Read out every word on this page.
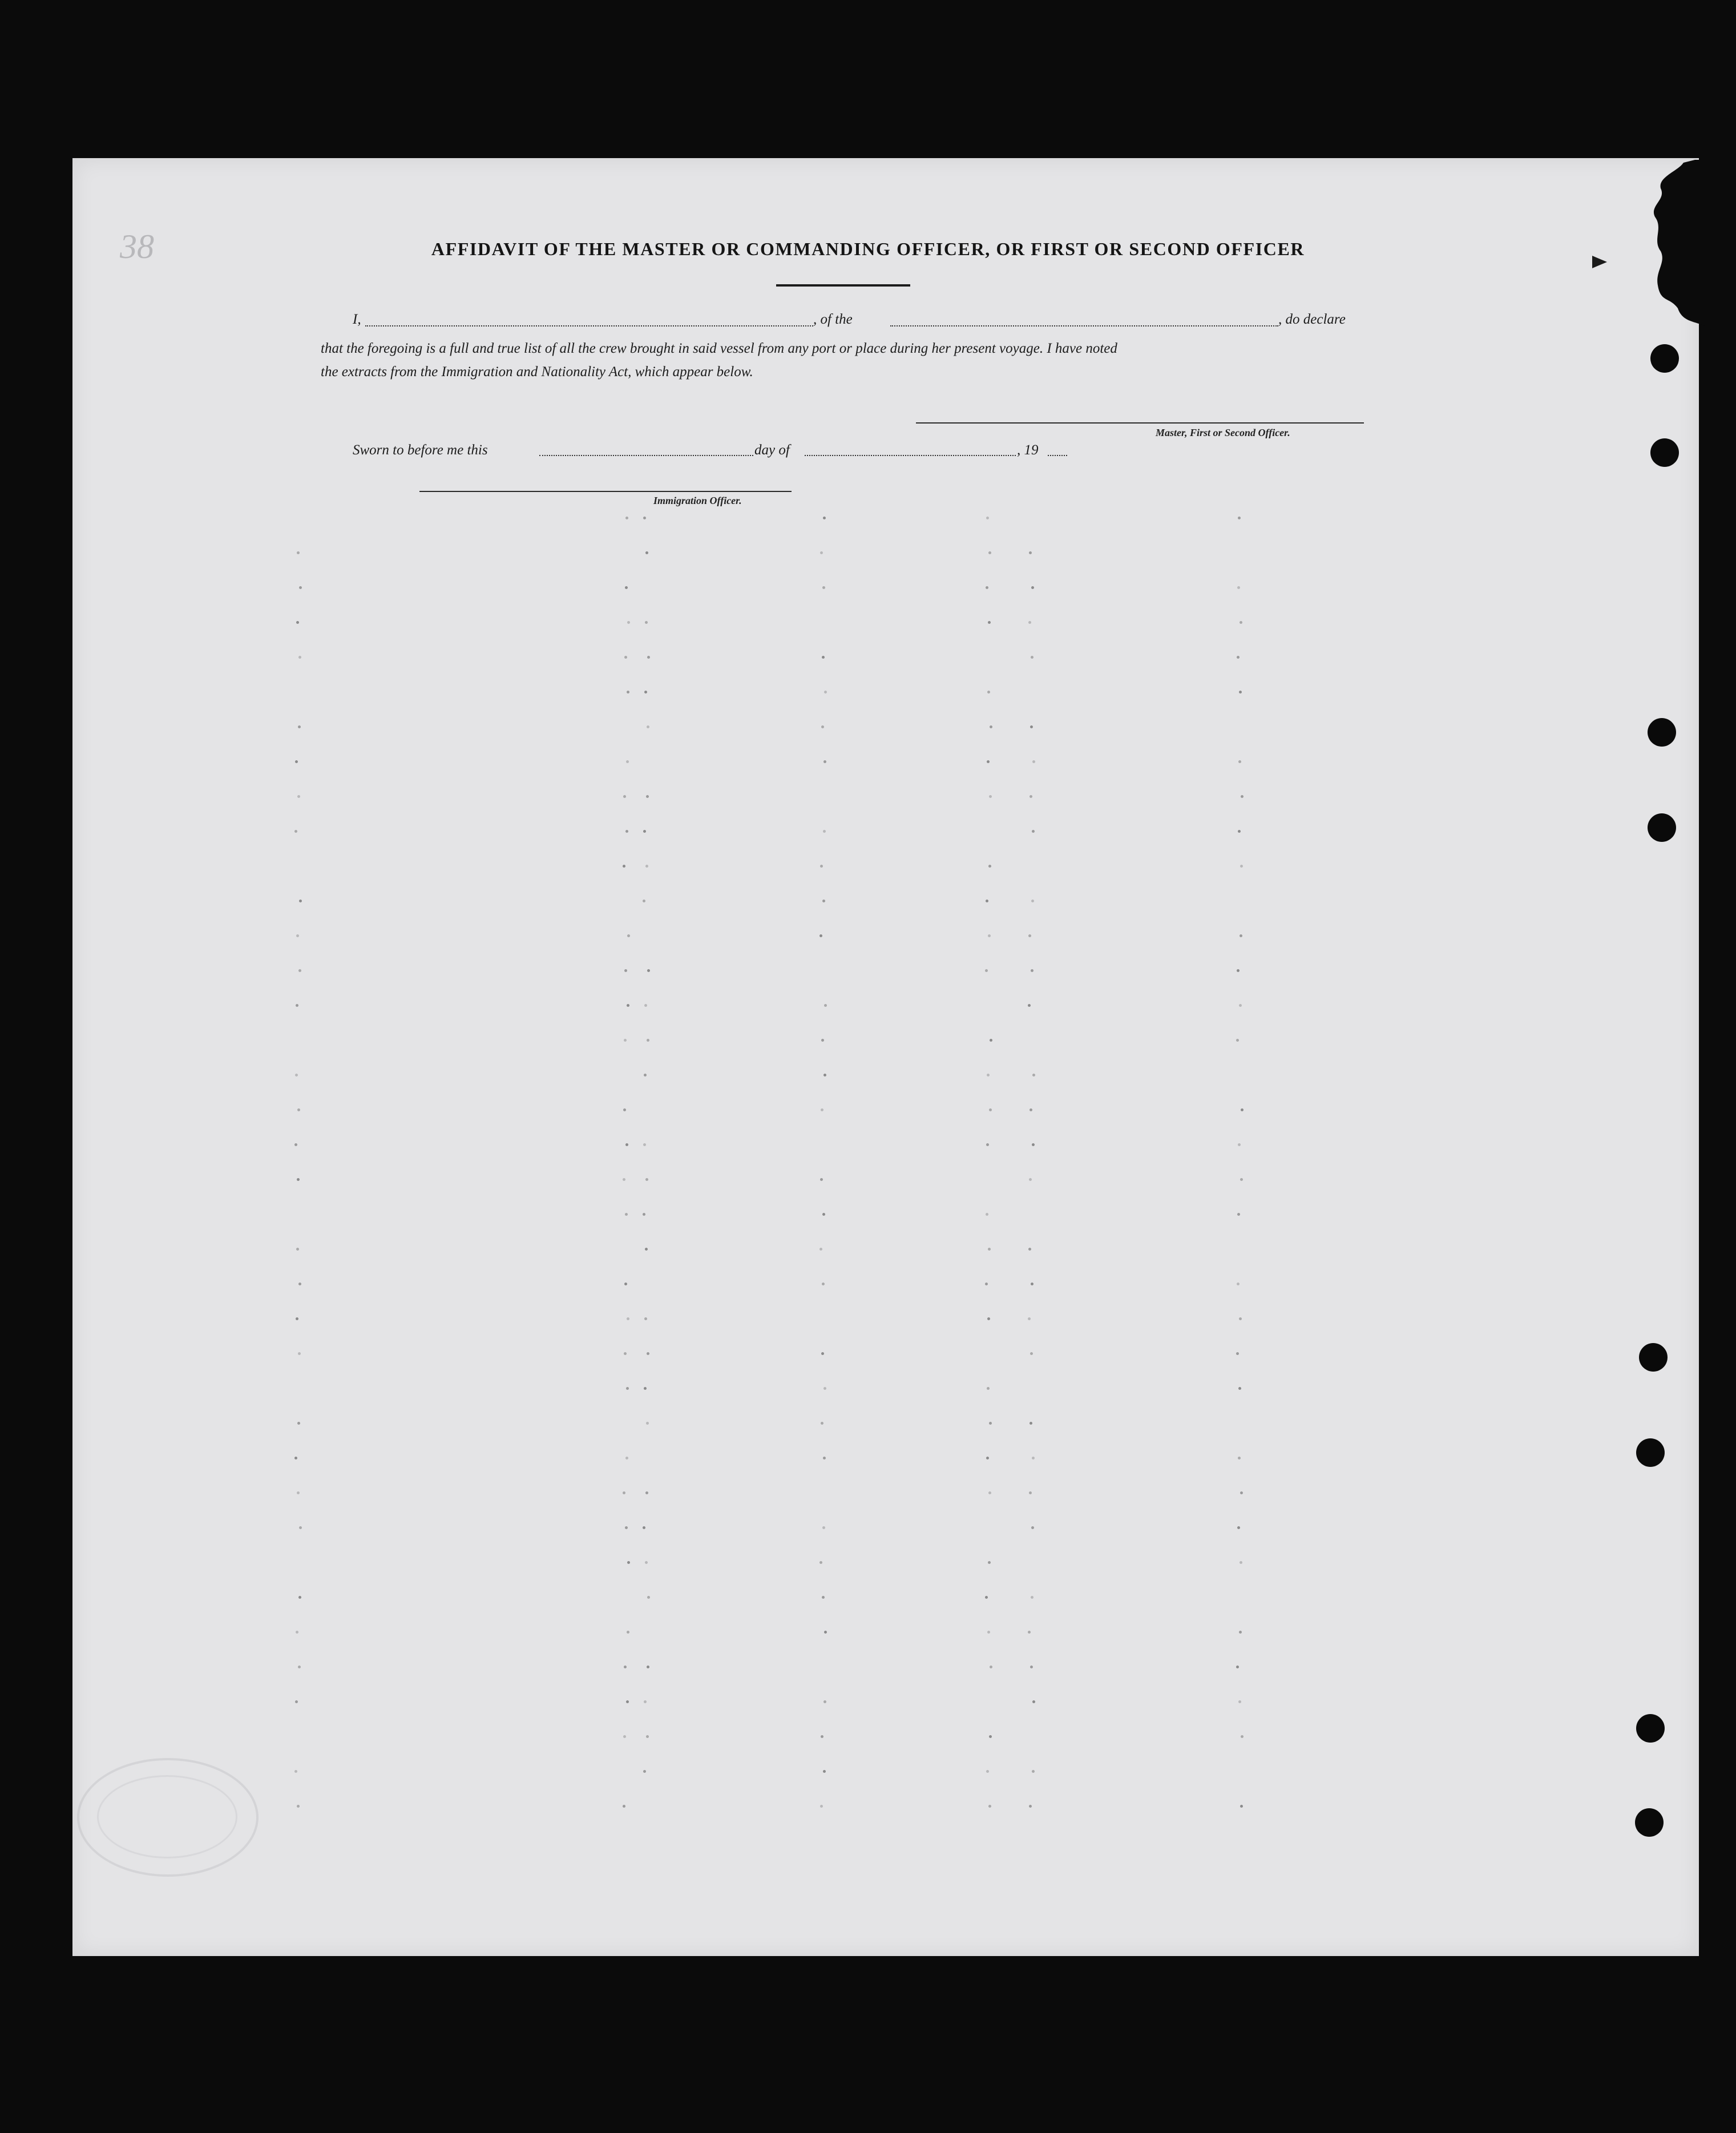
38	AFFIDAVIT OF THE MASTER OR COMMANDING OFFICER, OR FIRST OR SECOND OFFICER
I,	, of the	, do declare
that the foregoing is a full and true list of all the crew brought in said vessel from any port or place during her present voyage. I have noted
the extracts from the Immigration and Nationality Act, which appear below.
Master, First or Second Officer.
Sworn to before me this	day of	, 19
Immigration Officer.
